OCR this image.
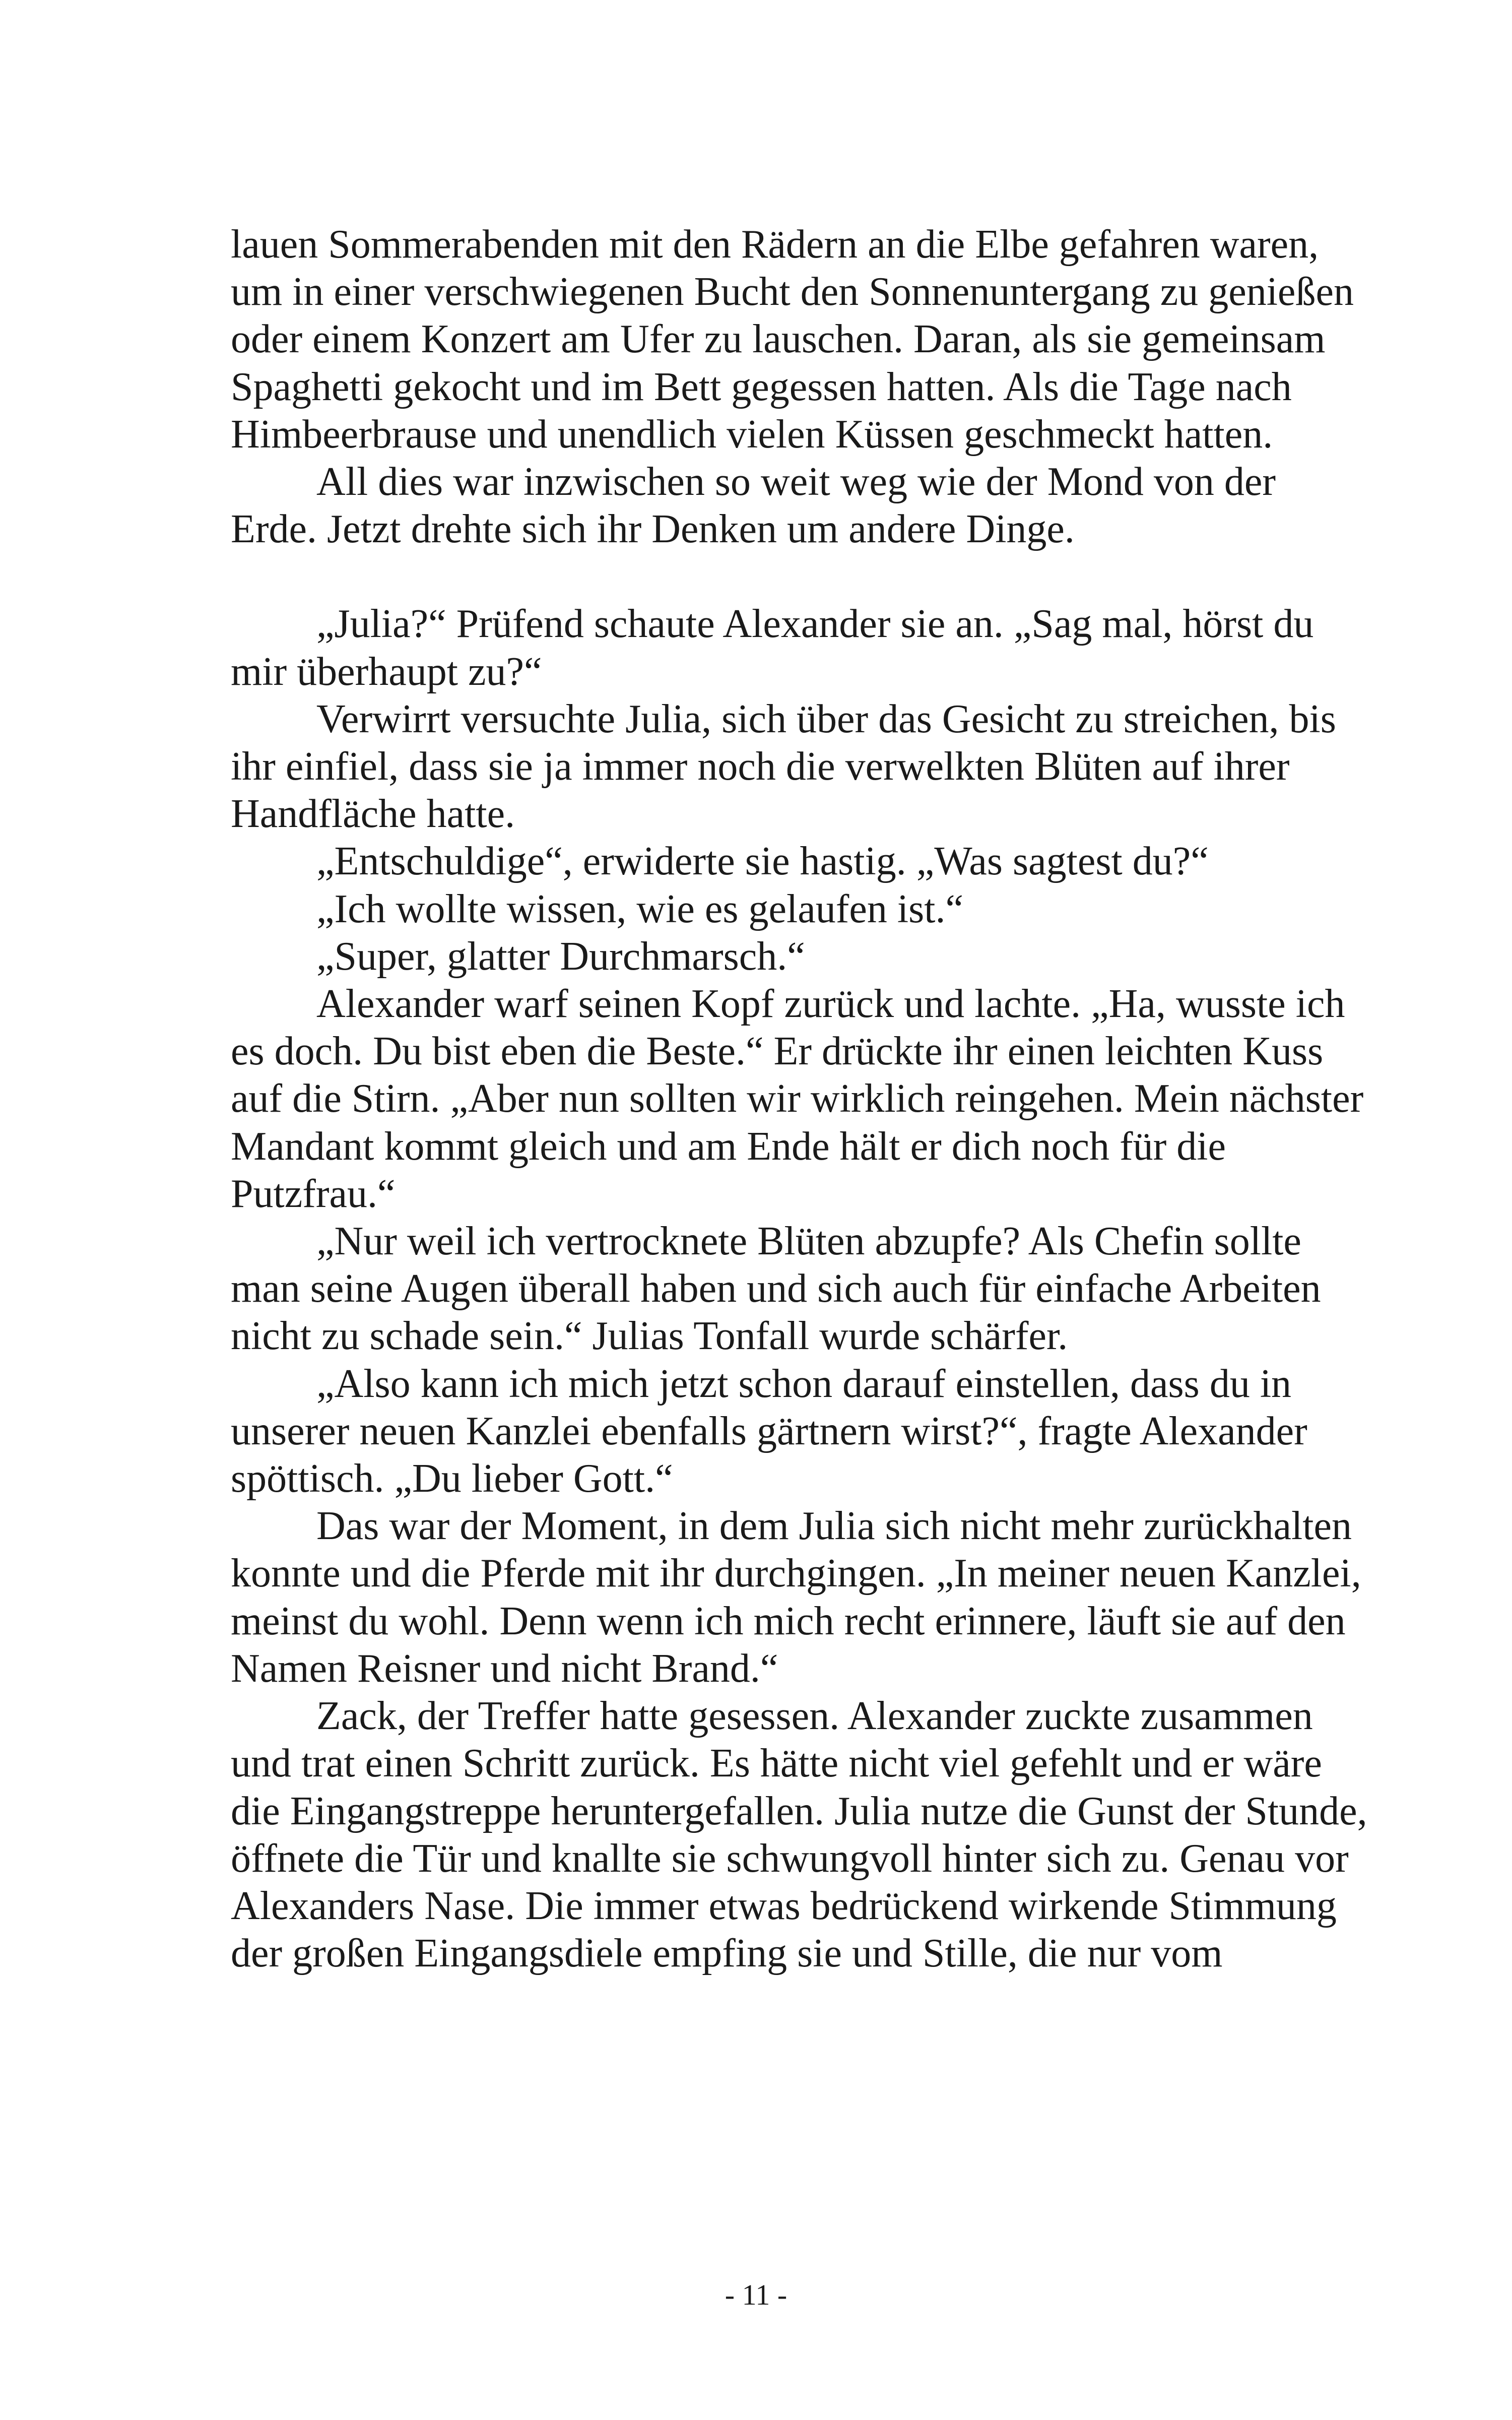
lauen Sommerabenden mit den Rädern an die Elbe gefahren waren, um in einer verschwiegenen Bucht den Sonnenuntergang zu genießen oder einem Konzert am Ufer zu lauschen. Daran, als sie gemeinsam Spaghetti gekocht und im Bett gegessen hatten. Als die Tage nach Himbeerbrause und unendlich vielen Küssen geschmeckt hatten.

All dies war inzwischen so weit weg wie der Mond von der Erde. Jetzt drehte sich ihr Denken um andere Dinge.

„Julia?“ Prüfend schaute Alexander sie an. „Sag mal, hörst du mir überhaupt zu?“

Verwirrt versuchte Julia, sich über das Gesicht zu streichen, bis ihr einfiel, dass sie ja immer noch die verwelkten Blüten auf ihrer Handfläche hatte.

„Entschuldige“, erwiderte sie hastig. „Was sagtest du?“

„Ich wollte wissen, wie es gelaufen ist.“

„Super, glatter Durchmarsch.“

Alexander warf seinen Kopf zurück und lachte. „Ha, wusste ich es doch. Du bist eben die Beste.“ Er drückte ihr einen leichten Kuss auf die Stirn. „Aber nun sollten wir wirklich reingehen. Mein nächster Mandant kommt gleich und am Ende hält er dich noch für die Putzfrau.“

„Nur weil ich vertrocknete Blüten abzupfe? Als Chefin sollte man seine Augen überall haben und sich auch für einfache Arbeiten nicht zu schade sein.“ Julias Tonfall wurde schärfer.

„Also kann ich mich jetzt schon darauf einstellen, dass du in unserer neuen Kanzlei ebenfalls gärtnern wirst?“, fragte Alexander spöttisch. „Du lieber Gott.“

Das war der Moment, in dem Julia sich nicht mehr zurückhalten konnte und die Pferde mit ihr durchgingen. „In meiner neuen Kanzlei, meinst du wohl. Denn wenn ich mich recht erinnere, läuft sie auf den Namen Reisner und nicht Brand.“

Zack, der Treffer hatte gesessen. Alexander zuckte zusammen und trat einen Schritt zurück. Es hätte nicht viel gefehlt und er wäre die Eingangstreppe heruntergefallen. Julia nutze die Gunst der Stunde, öffnete die Tür und knallte sie schwungvoll hinter sich zu. Genau vor Alexanders Nase. Die immer etwas bedrückend wirkende Stimmung der großen Eingangsdiele empfing sie und Stille, die nur vom

- 11 -
